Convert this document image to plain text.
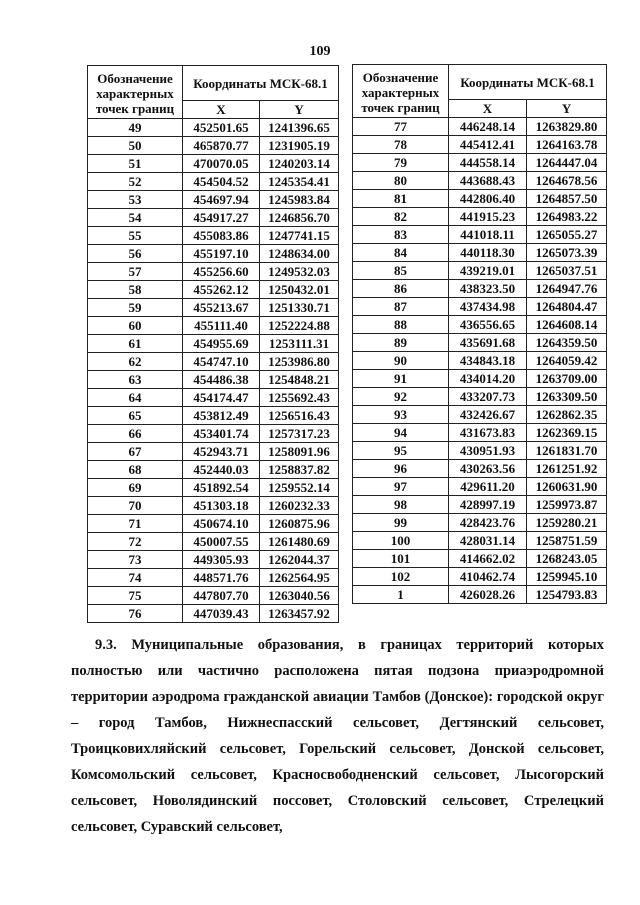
109
Обозначение характерных точек границ	Координаты МСК-68.1	
	X	Y
49	452501.65	1241396.65
50	465870.77	1231905.19
51	470070.05	1240203.14
52	454504.52	1245354.41
53	454697.94	1245983.84
54	454917.27	1246856.70
55	455083.86	1247741.15
56	455197.10	1248634.00
57	455256.60	1249532.03
58	455262.12	1250432.01
59	455213.67	1251330.71
60	455111.40	1252224.88
61	454955.69	1253111.31
62	454747.10	1253986.80
63	454486.38	1254848.21
64	454174.47	1255692.43
65	453812.49	1256516.43
66	453401.74	1257317.23
67	452943.71	1258091.96
68	452440.03	1258837.82
69	451892.54	1259552.14
70	451303.18	1260232.33
71	450674.10	1260875.96
72	450007.55	1261480.69
73	449305.93	1262044.37
74	448571.76	1262564.95
75	447807.70	1263040.56
76	447039.43	1263457.92
Обозначение характерных точек границ	Координаты МСК-68.1	
	X	Y
77	446248.14	1263829.80
78	445412.41	1264163.78
79	444558.14	1264447.04
80	443688.43	1264678.56
81	442806.40	1264857.50
82	441915.23	1264983.22
83	441018.11	1265055.27
84	440118.30	1265073.39
85	439219.01	1265037.51
86	438323.50	1264947.76
87	437434.98	1264804.47
88	436556.65	1264608.14
89	435691.68	1264359.50
90	434843.18	1264059.42
91	434014.20	1263709.00
92	433207.73	1263309.50
93	432426.67	1262862.35
94	431673.83	1262369.15
95	430951.93	1261831.70
96	430263.56	1261251.92
97	429611.20	1260631.90
98	428997.19	1259973.87
99	428423.76	1259280.21
100	428031.14	1258751.59
101	414662.02	1268243.05
102	410462.74	1259945.10
1	426028.26	1254793.83
9.3. Муниципальные образования, в границах территорий которых полностью или частично расположена пятая подзона приаэродромной территории аэродрома гражданской авиации Тамбов (Донское): городской округ – город Тамбов, Нижнеспасский сельсовет, Дегтянский сельсовет, Троицковихляйский сельсовет, Горельский сельсовет, Донской сельсовет, Комсомольский сельсовет, Красносвободненский сельсовет, Лысогорский сельсовет, Новолядинский поссовет, Столовский сельсовет, Стрелецкий сельсовет, Суравский сельсовет,
